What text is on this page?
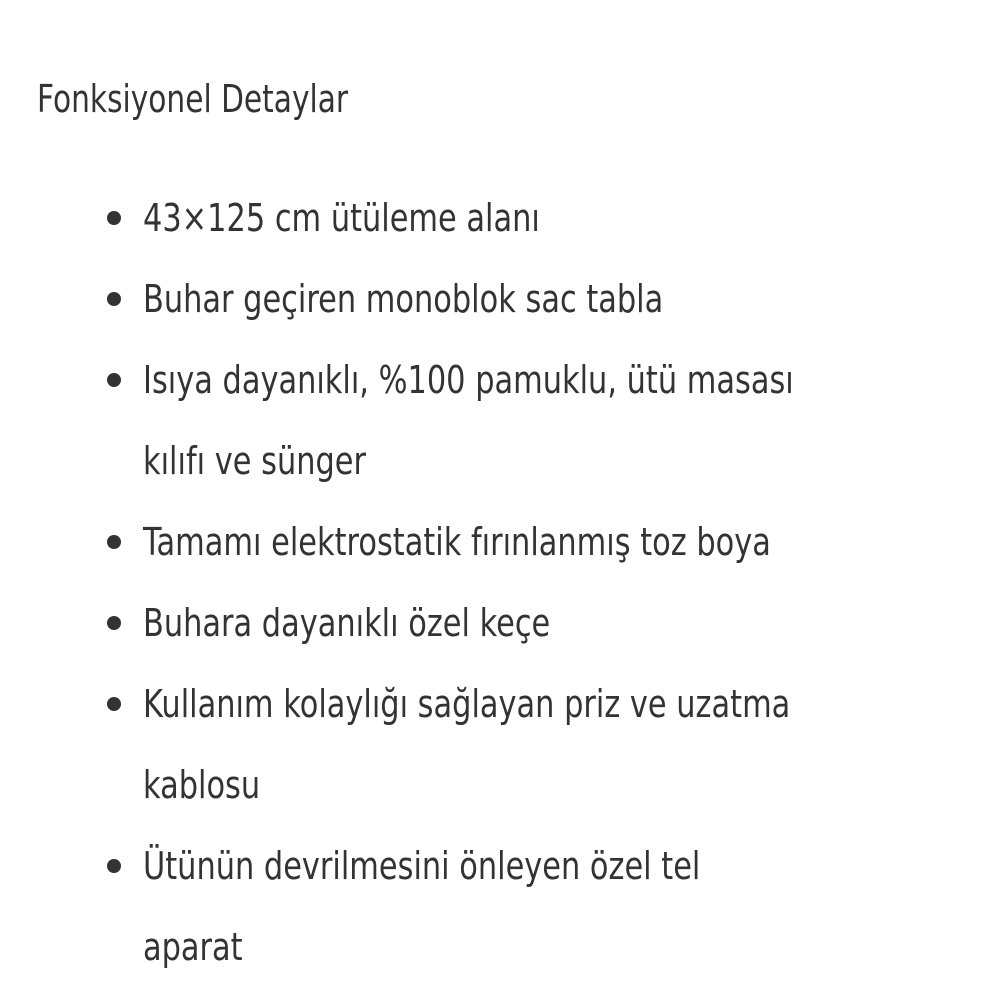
Fonksiyonel Detaylar
43×125 cm ütüleme alanı
Buhar geçiren monoblok sac tabla
Isıya dayanıklı, %100 pamuklu, ütü masası
kılıfı ve sünger
Tamamı elektrostatik fırınlanmış toz boya
Buhara dayanıklı özel keçe
Kullanım kolaylığı sağlayan priz ve uzatma
kablosu
Ütünün devrilmesini önleyen özel tel
aparat
